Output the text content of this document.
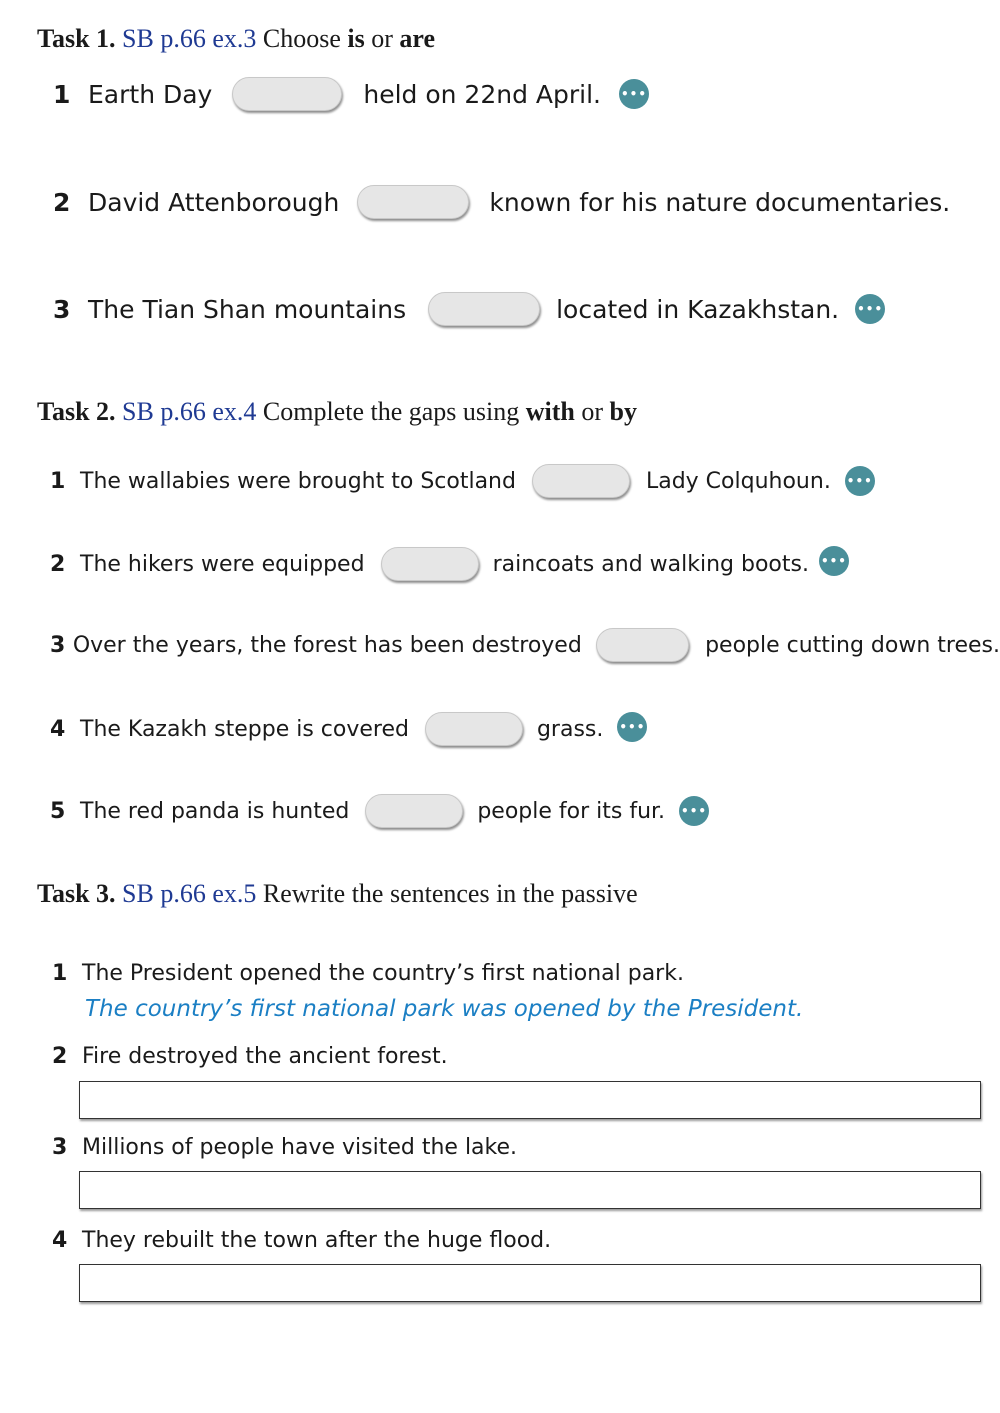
Task 1. SB p.66 ex.3 Choose is or are
1 Earth Day	held on 22nd April. •••
2 David Attenborough	known for his nature documentaries.
3 The Tian Shan mountains	located in Kazakhstan. •••
Task 2. SB p.66 ex.4 Complete the gaps using with or by
1 The wallabies were brought to Scotland	Lady Colquhoun. •••
2 The hikers were equipped	raincoats and walking boots. •••
3 Over the years, the forest has been destroyed	people cutting down trees.
4 The Kazakh steppe is covered	grass. •••
5 The red panda is hunted	people for its fur. •••
Task 3. SB p.66 ex.5 Rewrite the sentences in the passive
1 The President opened the country’s first national park.
The country’s first national park was opened by the President.
2 Fire destroyed the ancient forest.
3 Millions of people have visited the lake.
4 They rebuilt the town after the huge flood.
